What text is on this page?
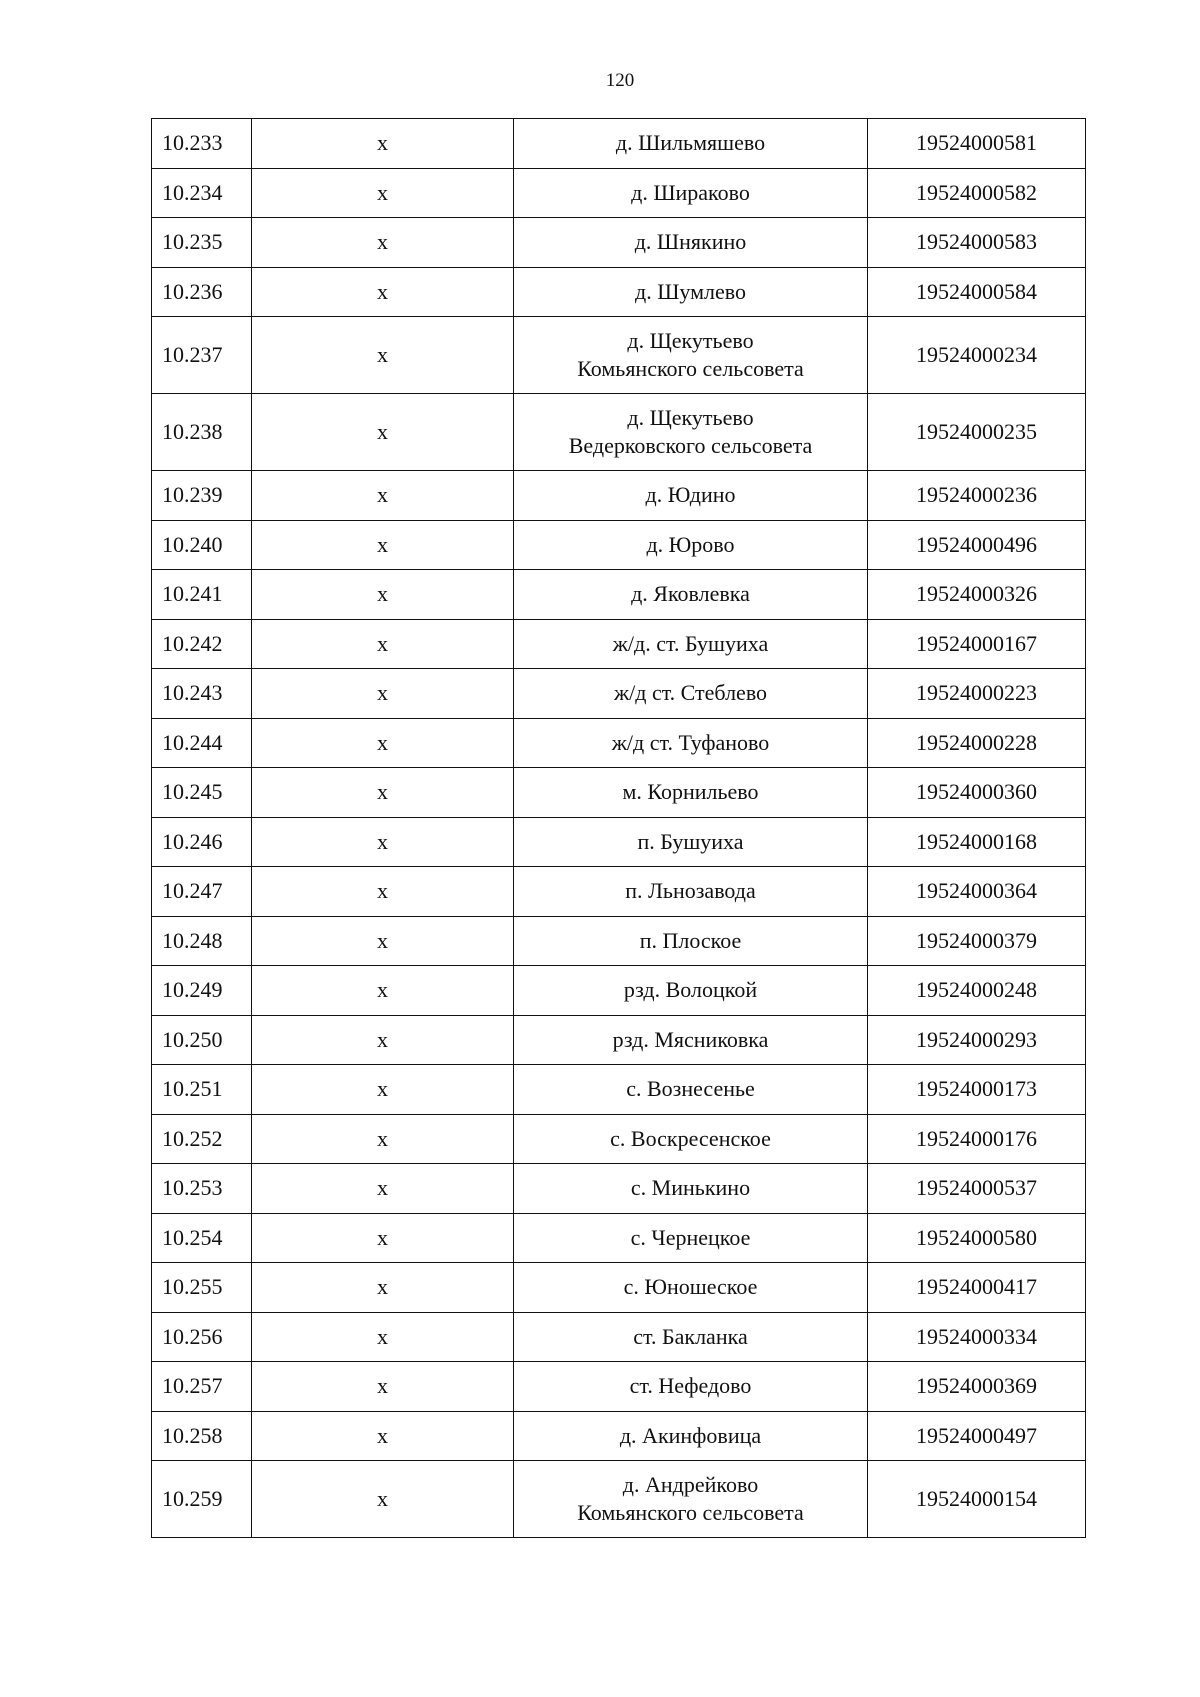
120
10.233	х	д. Шильмяшево	19524000581
10.234	х	д. Шираково	19524000582
10.235	х	д. Шнякино	19524000583
10.236	х	д. Шумлево	19524000584
10.237	х	д. Щекутьево
Комьянского сельсовета	19524000234
10.238	х	д. Щекутьево
Ведерковского сельсовета	19524000235
10.239	х	д. Юдино	19524000236
10.240	х	д. Юрово	19524000496
10.241	х	д. Яковлевка	19524000326
10.242	х	ж/д. ст. Бушуиха	19524000167
10.243	х	ж/д ст. Стеблево	19524000223
10.244	х	ж/д ст. Туфаново	19524000228
10.245	х	м. Корнильево	19524000360
10.246	х	п. Бушуиха	19524000168
10.247	х	п. Льнозавода	19524000364
10.248	х	п. Плоское	19524000379
10.249	х	рзд. Волоцкой	19524000248
10.250	х	рзд. Мясниковка	19524000293
10.251	х	с. Вознесенье	19524000173
10.252	х	с. Воскресенское	19524000176
10.253	х	с. Минькино	19524000537
10.254	х	с. Чернецкое	19524000580
10.255	х	с. Юношеское	19524000417
10.256	х	ст. Бакланка	19524000334
10.257	х	ст. Нефедово	19524000369
10.258	х	д. Акинфовица	19524000497
10.259	х	д. Андрейково
Комьянского сельсовета	19524000154
